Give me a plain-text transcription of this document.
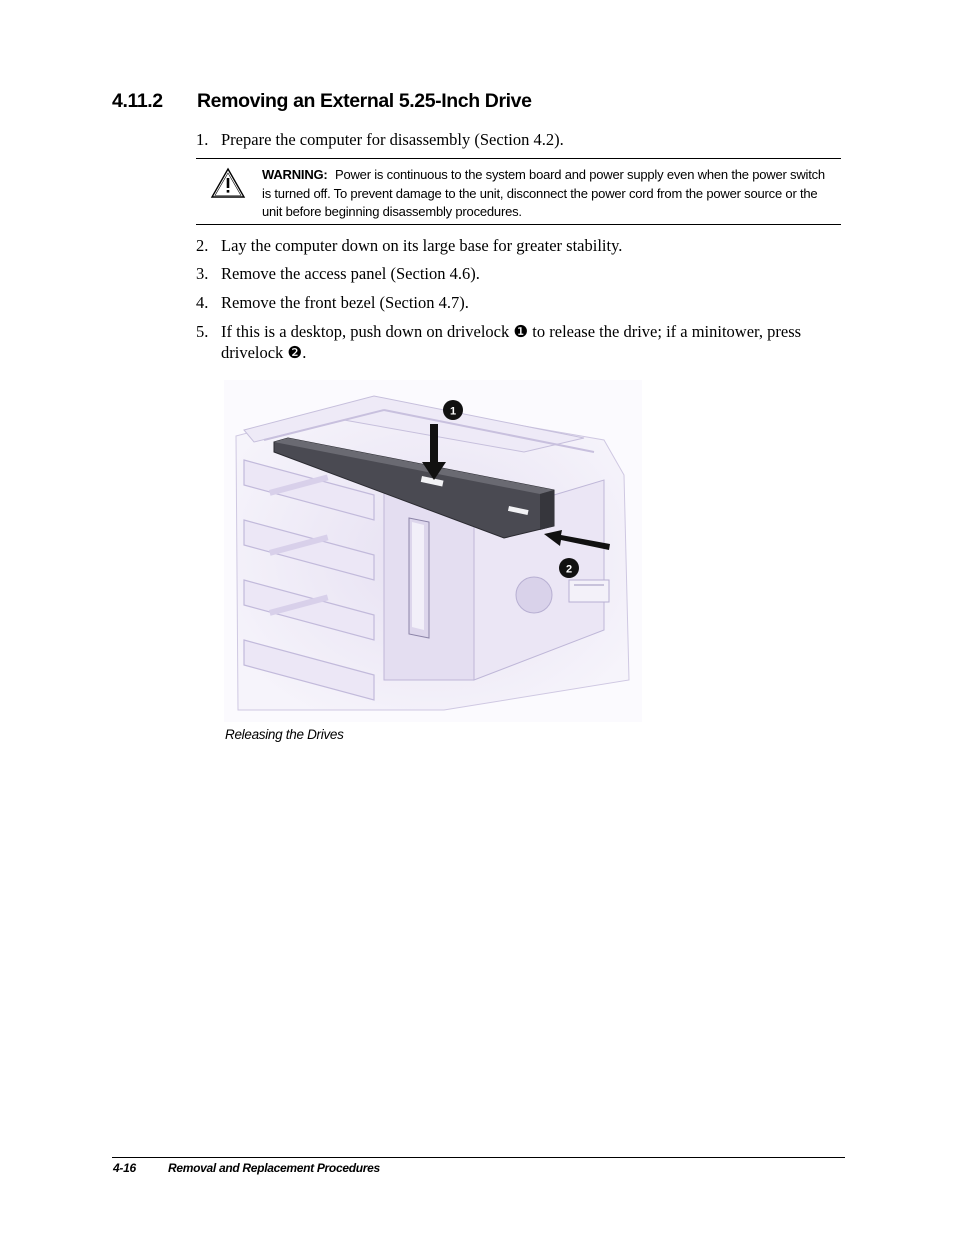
4.11.2 Removing an External 5.25-Inch Drive
1. Prepare the computer for disassembly (Section 4.2).
WARNING: Power is continuous to the system board and power supply even when the power switch is turned off. To prevent damage to the unit, disconnect the power cord from the power source or the unit before beginning disassembly procedures.
2. Lay the computer down on its large base for greater stability.
3. Remove the access panel (Section 4.6).
4. Remove the front bezel (Section 4.7).
5. If this is a desktop, push down on drivelock ❶ to release the drive; if a minitower, press drivelock ❷.
1
2
Releasing the Drives
4-16	Removal and Replacement Procedures
